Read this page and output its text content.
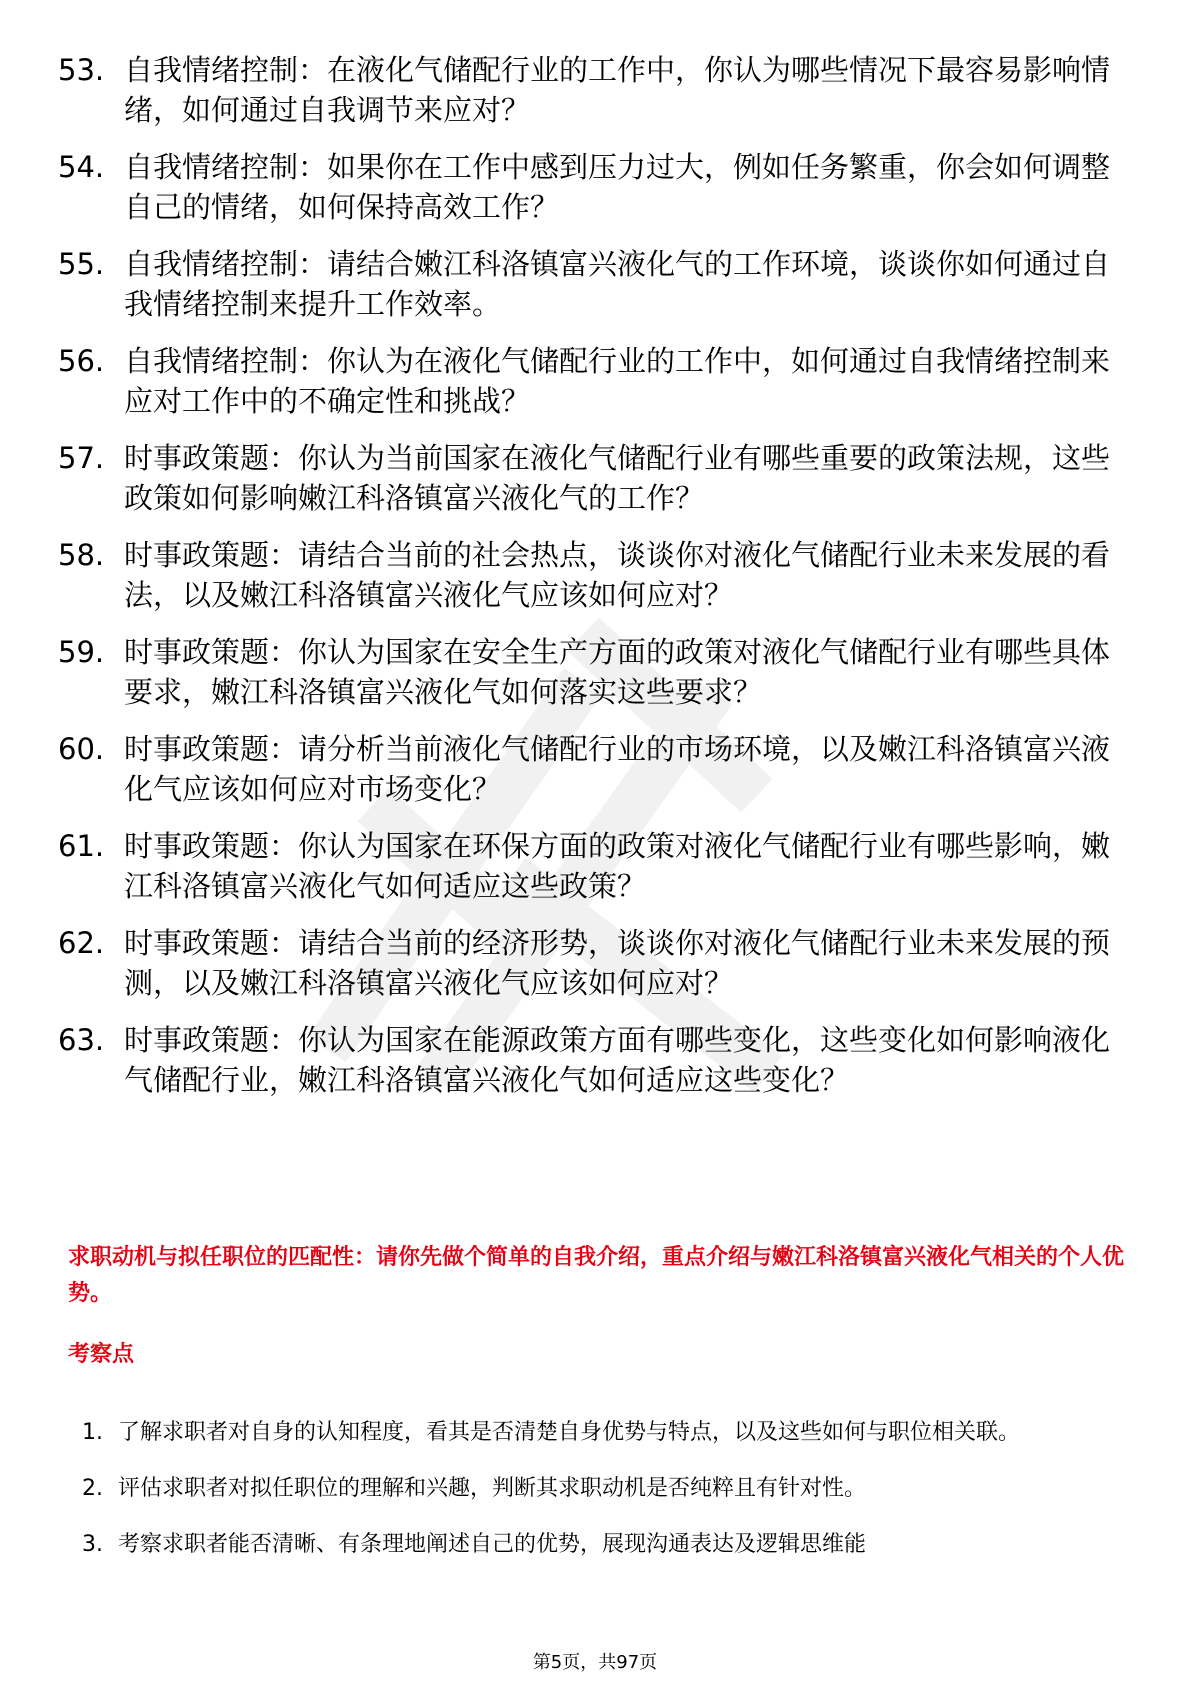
53. 自我情绪控制：在液化气储配行业的工作中，你认为哪些情况下最容易影响情绪，如何通过自我调节来应对？
54. 自我情绪控制：如果你在工作中感到压力过大，例如任务繁重，你会如何调整自己的情绪，如何保持高效工作？
55. 自我情绪控制：请结合嫩江科洛镇富兴液化气的工作环境，谈谈你如何通过自我情绪控制来提升工作效率。
56. 自我情绪控制：你认为在液化气储配行业的工作中，如何通过自我情绪控制来应对工作中的不确定性和挑战？
57. 时事政策题：你认为当前国家在液化气储配行业有哪些重要的政策法规，这些政策如何影响嫩江科洛镇富兴液化气的工作？
58. 时事政策题：请结合当前的社会热点，谈谈你对液化气储配行业未来发展的看法，以及嫩江科洛镇富兴液化气应该如何应对？
59. 时事政策题：你认为国家在安全生产方面的政策对液化气储配行业有哪些具体要求，嫩江科洛镇富兴液化气如何落实这些要求？
60. 时事政策题：请分析当前液化气储配行业的市场环境，以及嫩江科洛镇富兴液化气应该如何应对市场变化？
61. 时事政策题：你认为国家在环保方面的政策对液化气储配行业有哪些影响，嫩江科洛镇富兴液化气如何适应这些政策？
62. 时事政策题：请结合当前的经济形势，谈谈你对液化气储配行业未来发展的预测，以及嫩江科洛镇富兴液化气应该如何应对？
63. 时事政策题：你认为国家在能源政策方面有哪些变化，这些变化如何影响液化气储配行业，嫩江科洛镇富兴液化气如何适应这些变化？
求职动机与拟任职位的匹配性：请你先做个简单的自我介绍，重点介绍与嫩江科洛镇富兴液化气相关的个人优势。
考察点
1. 了解求职者对自身的认知程度，看其是否清楚自身优势与特点，以及这些如何与职位相关联。
2. 评估求职者对拟任职位的理解和兴趣，判断其求职动机是否纯粹且有针对性。
3. 考察求职者能否清晰、有条理地阐述自己的优势，展现沟通表达及逻辑思维能
第5页，共97页
